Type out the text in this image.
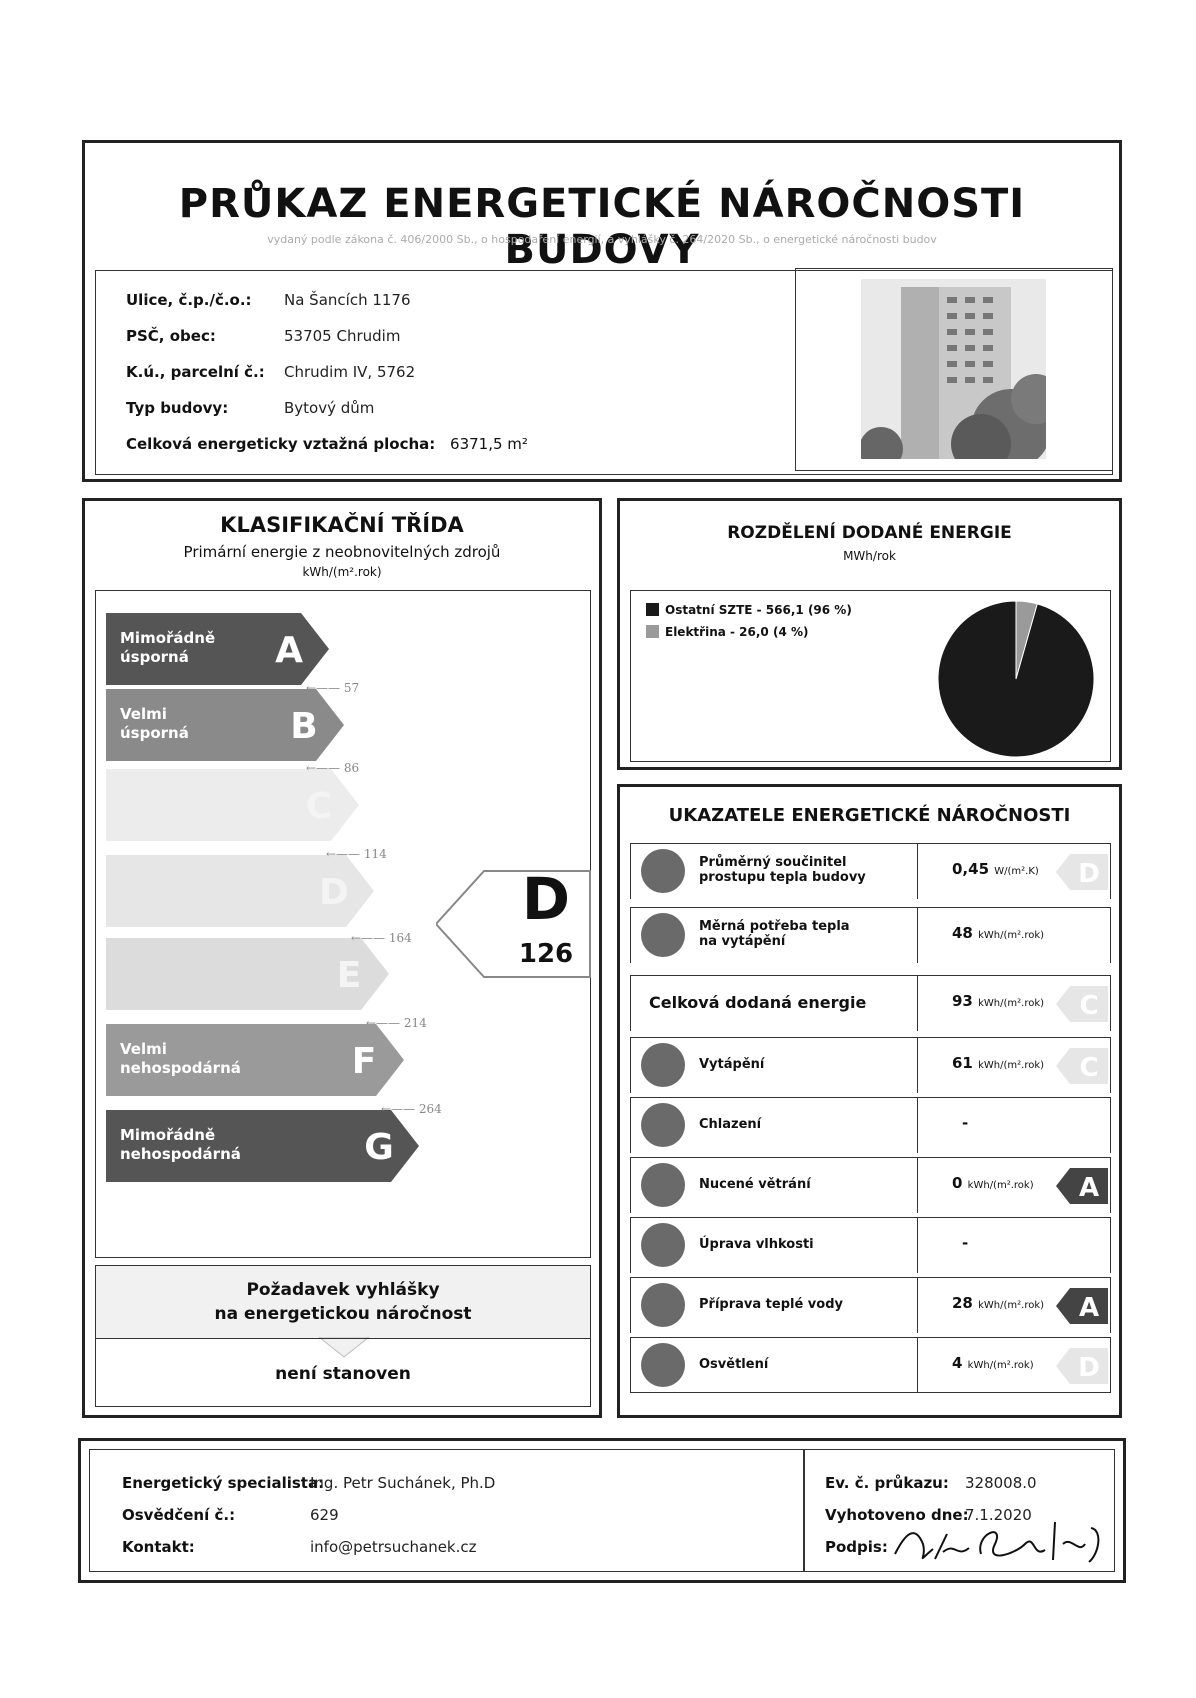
PRŮKAZ ENERGETICKÉ NÁROČNOSTI BUDOVY
vydaný podle zákona č. 406/2000 Sb., o hospodaření energií, a vyhlášky č. 264/2020 Sb., o energetické náročnosti budov
Ulice, č.p./č.o.: Na Šancích 1176
PSČ, obec:	53705 Chrudim
K.ú., parcelní č.: Chrudim IV, 5762
Typ budovy:	Bytový dům
Celková energeticky vztažná plocha: 6371,5 m²
KLASIFIKAČNÍ TŘÍDA
Primární energie z neobnovitelných zdrojů
kWh/(m².rok)
A
Mimořádně
úsporná
B
Velmi
úsporná
C
D
E
F
Velmi
nehospodárná
G
Mimořádně
nehospodárná
←—— 57
←—— 86
←—— 114
←—— 164
←—— 214
←—— 264
D
126
Požadavek vyhlášky
na energetickou náročnost
není stanoven
ROZDĚLENÍ DODANÉ ENERGIE
MWh/rok
Ostatní SZTE - 566,1 (96 %)
Elektřina - 26,0 (4 %)
UKAZATELE ENERGETICKÉ NÁROČNOSTI
Průměrný součinitel
prostupu tepla budovy	0,45 W/(m².K) D
Měrná potřeba tepla
na vytápění	48 kWh/(m².rok)
Celková dodaná energie	93 kWh/(m².rok) C
Vytápění	61 kWh/(m².rok) C
Chlazení	-
Nucené větrání	0 kWh/(m².rok) A
Úprava vlhkosti	-
Příprava teplé vody	28 kWh/(m².rok) A
Osvětlení	4 kWh/(m².rok) D
Energetický specialista:
Ing. Petr Suchánek, Ph.D
Osvědčení č.:	629
Kontakt:	info@petrsuchanek.cz
Ev. č. průkazu: 328008.0
Vyhotoveno dne:
7.1.2020
Podpis:
